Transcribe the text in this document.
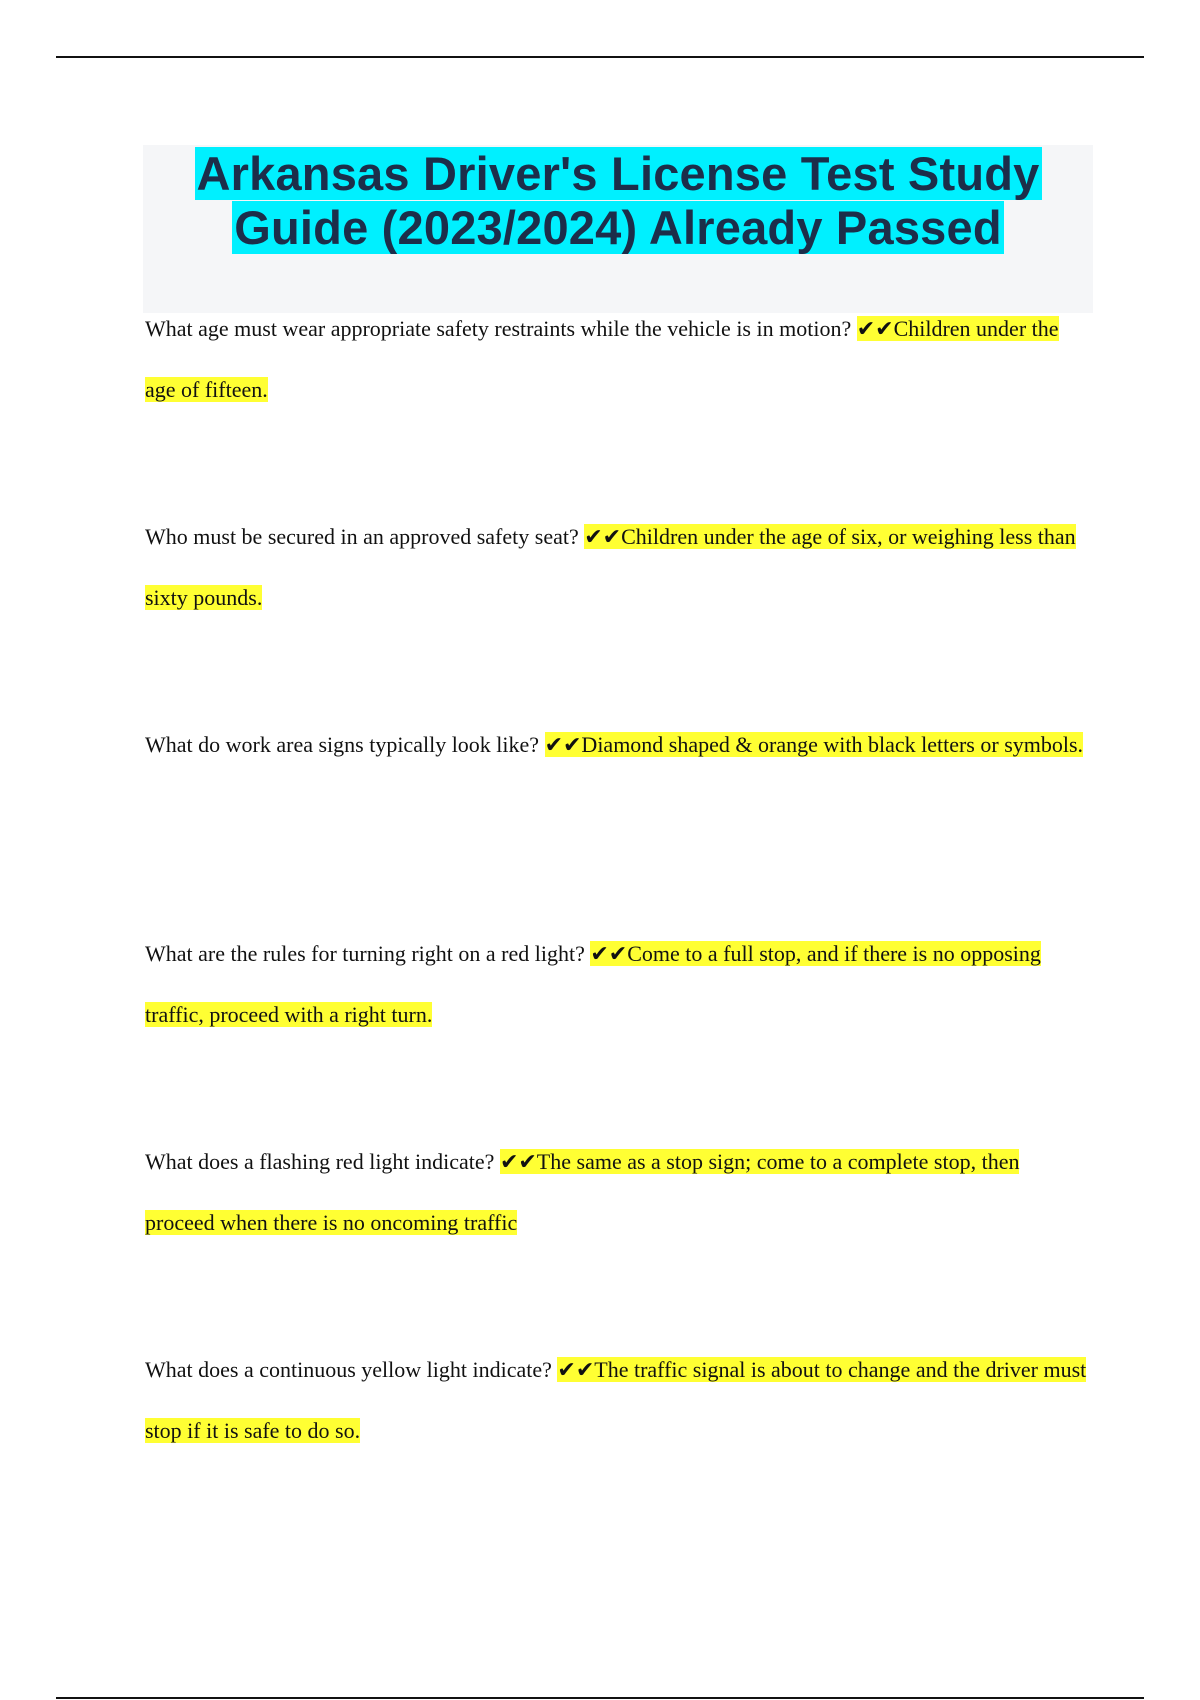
Arkansas Driver's License Test Study Guide (2023/2024) Already Passed
What age must wear appropriate safety restraints while the vehicle is in motion? ✔✔Children under the age of fifteen.
Who must be secured in an approved safety seat? ✔✔Children under the age of six, or weighing less than sixty pounds.
What do work area signs typically look like? ✔✔Diamond shaped & orange with black letters or symbols.
What are the rules for turning right on a red light? ✔✔Come to a full stop, and if there is no opposing traffic, proceed with a right turn.
What does a flashing red light indicate? ✔✔The same as a stop sign; come to a complete stop, then proceed when there is no oncoming traffic
What does a continuous yellow light indicate? ✔✔The traffic signal is about to change and the driver must stop if it is safe to do so.
